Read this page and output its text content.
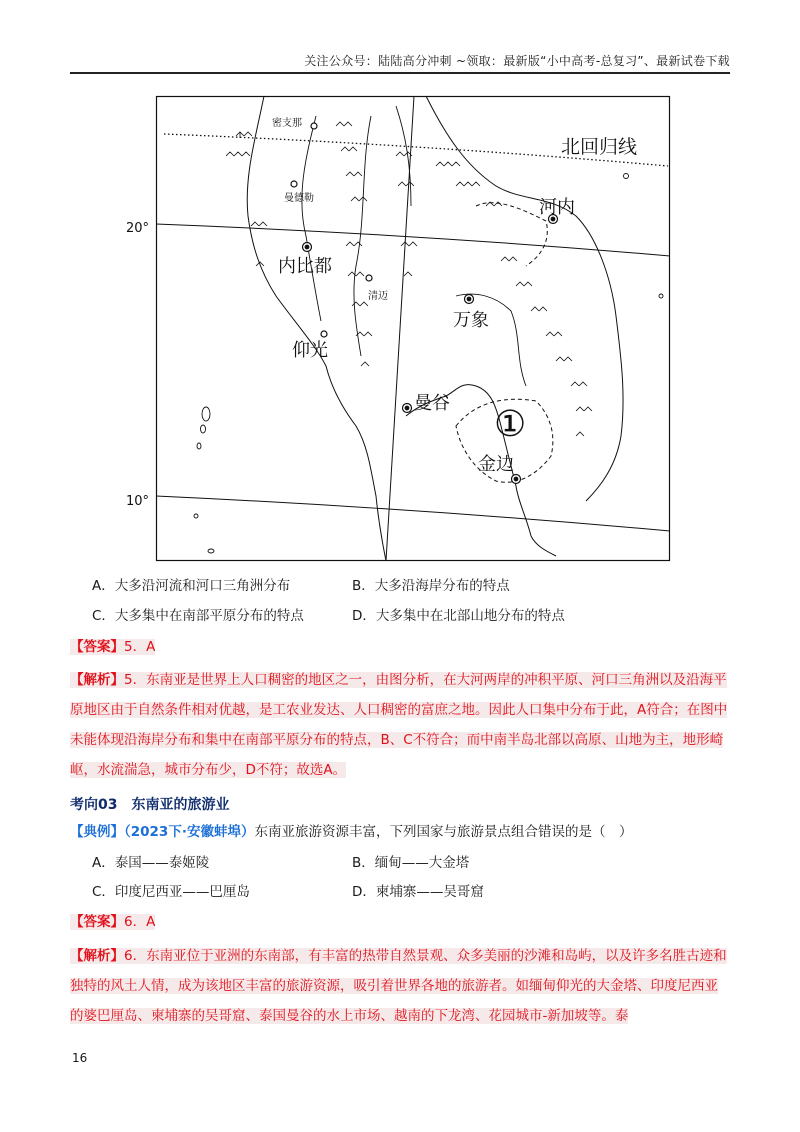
关注公众号：陆陆高分冲刺 ~领取：最新版“小中高考-总复习”、最新试卷下载
北回归线
20°
10°
密支那
曼德勒
内比都
清迈
万象
河内
仰光
曼谷
金边
①
A．大多沿河流和河口三角洲分布	B．大多沿海岸分布的特点
C．大多集中在南部平原分布的特点	D．大多集中在北部山地分布的特点
【答案】5．A
【解析】5．东南亚是世界上人口稠密的地区之一，由图分析，在大河两岸的冲积平原、河口三角洲以及沿海平原地区由于自然条件相对优越，是工农业发达、人口稠密的富庶之地。因此人口集中分布于此，A符合；在图中未能体现沿海岸分布和集中在南部平原分布的特点，B、C不符合；而中南半岛北部以高原、山地为主，地形崎岖，水流湍急，城市分布少，D不符；故选A。
考向03　东南亚的旅游业
【典例】（2023下·安徽蚌埠）东南亚旅游资源丰富，下列国家与旅游景点组合错误的是（　）
A．泰国——泰姬陵	B．缅甸——大金塔
C．印度尼西亚——巴厘岛	D．柬埔寨——吴哥窟
【答案】6．A
【解析】6．东南亚位于亚洲的东南部，有丰富的热带自然景观、众多美丽的沙滩和岛屿，以及许多名胜古迹和独特的风土人情，成为该地区丰富的旅游资源，吸引着世界各地的旅游者。如缅甸仰光的大金塔、印度尼西亚的婆巴厘岛、柬埔寨的吴哥窟、泰国曼谷的水上市场、越南的下龙湾、花园城市-新加坡等。泰
16
